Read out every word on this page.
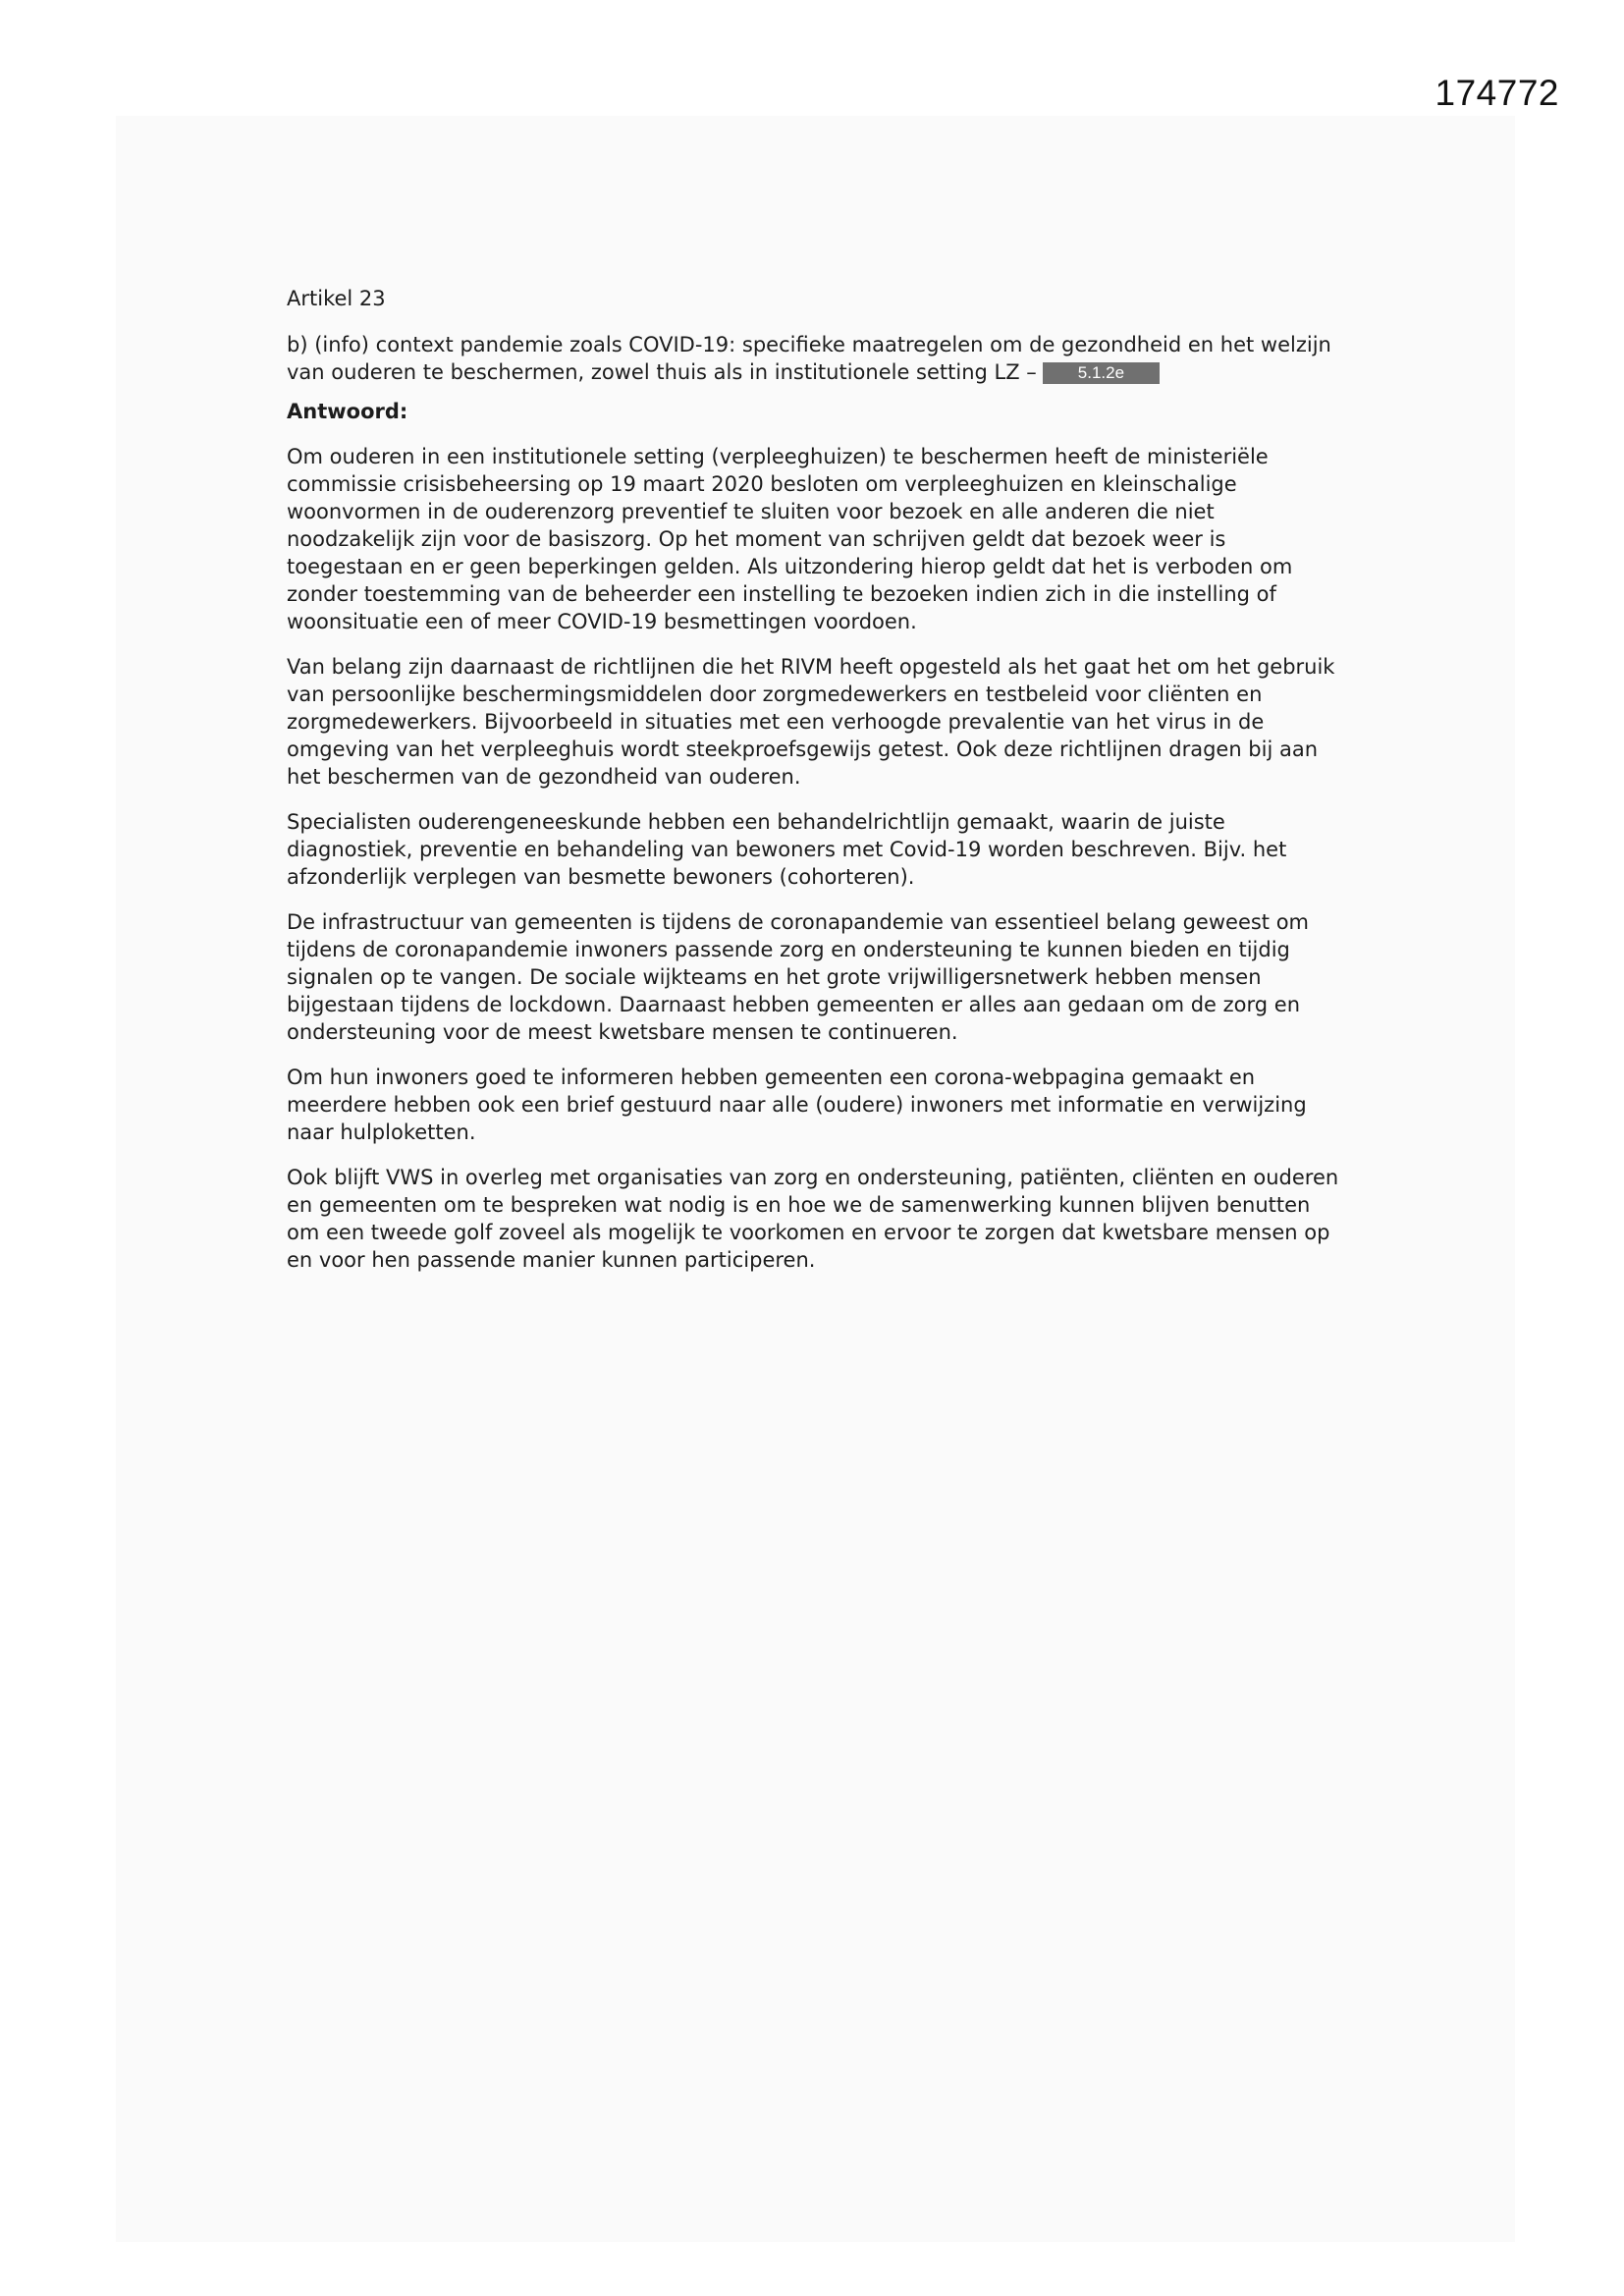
174772

Artikel 23

b) (info) context pandemie zoals COVID-19: specifieke maatregelen om de gezondheid en het welzijn van ouderen te beschermen, zowel thuis als in institutionele setting LZ – 5.1.2e

Antwoord:

Om ouderen in een institutionele setting (verpleeghuizen) te beschermen heeft de ministeriële commissie crisisbeheersing op 19 maart 2020 besloten om verpleeghuizen en kleinschalige woonvormen in de ouderenzorg preventief te sluiten voor bezoek en alle anderen die niet noodzakelijk zijn voor de basiszorg. Op het moment van schrijven geldt dat bezoek weer is toegestaan en er geen beperkingen gelden. Als uitzondering hierop geldt dat het is verboden om zonder toestemming van de beheerder een instelling te bezoeken indien zich in die instelling of woonsituatie een of meer COVID-19 besmettingen voordoen.

Van belang zijn daarnaast de richtlijnen die het RIVM heeft opgesteld als het gaat het om het gebruik van persoonlijke beschermingsmiddelen door zorgmedewerkers en testbeleid voor cliënten en zorgmedewerkers. Bijvoorbeeld in situaties met een verhoogde prevalentie van het virus in de omgeving van het verpleeghuis wordt steekproefsgewijs getest. Ook deze richtlijnen dragen bij aan het beschermen van de gezondheid van ouderen.

Specialisten ouderengeneeskunde hebben een behandelrichtlijn gemaakt, waarin de juiste diagnostiek, preventie en behandeling van bewoners met Covid-19 worden beschreven. Bijv. het afzonderlijk verplegen van besmette bewoners (cohorteren).

De infrastructuur van gemeenten is tijdens de coronapandemie van essentieel belang geweest om tijdens de coronapandemie inwoners passende zorg en ondersteuning te kunnen bieden en tijdig signalen op te vangen. De sociale wijkteams en het grote vrijwilligersnetwerk hebben mensen bijgestaan tijdens de lockdown. Daarnaast hebben gemeenten er alles aan gedaan om de zorg en ondersteuning voor de meest kwetsbare mensen te continueren.

Om hun inwoners goed te informeren hebben gemeenten een corona-webpagina gemaakt en meerdere hebben ook een brief gestuurd naar alle (oudere) inwoners met informatie en verwijzing naar hulploketten.

Ook blijft VWS in overleg met organisaties van zorg en ondersteuning, patiënten, cliënten en ouderen en gemeenten om te bespreken wat nodig is en hoe we de samenwerking kunnen blijven benutten om een tweede golf zoveel als mogelijk te voorkomen en ervoor te zorgen dat kwetsbare mensen op en voor hen passende manier kunnen participeren.
